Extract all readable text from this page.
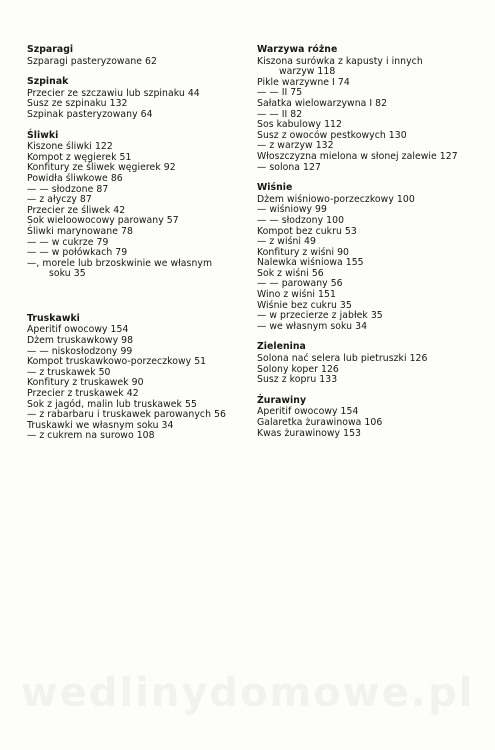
Szparagi
Szparagi pasteryzowane 62
Szpinak
Przecier ze szczawiu lub szpinaku 44
Susz ze szpinaku 132
Szpinak pasteryzowany 64
Śliwki
Kiszone śliwki 122
Kompot z węgierek 51
Konfitury ze śliwek węgierek 92
Powidła śliwkowe 86
— — słodzone 87
— z ałyczy 87
Przecier ze śliwek 42
Sok wieloowocowy parowany 57
Śliwki marynowane 78
— — w cukrze 79
— — w połówkach 79
—, morele lub brzoskwinie we własnym
soku 35
Truskawki
Aperitif owocowy 154
Dżem truskawkowy 98
— — niskosłodzony 99
Kompot truskawkowo-porzeczkowy 51
— z truskawek 50
Konfitury z truskawek 90
Przecier z truskawek 42
Sok z jagód, malin lub truskawek 55
— z rabarbaru i truskawek parowanych 56
Truskawki we własnym soku 34
— z cukrem na surowo 108
Warzywa różne
Kiszona surówka z kapusty i innych
warzyw 118
Pikle warzywne I 74
— — II 75
Sałatka wielowarzywna I 82
— — II 82
Sos kabulowy 112
Susz z owoców pestkowych 130
— z warzyw 132
Włoszczyzna mielona w słonej zalewie 127
— solona 127
Wiśnie
Dżem wiśniowo-porzeczkowy 100
— wiśniowy 99
— — słodzony 100
Kompot bez cukru 53
— z wiśni 49
Konfitury z wiśni 90
Nalewka wiśniowa 155
Sok z wiśni 56
— — parowany 56
Wino z wiśni 151
Wiśnie bez cukru 35
— w przecierze z jabłek 35
— we własnym soku 34
Zielenina
Solona nać selera lub pietruszki 126
Solony koper 126
Susz z kopru 133
Żurawiny
Aperitif owocowy 154
Galaretka żurawinowa 106
Kwas żurawinowy 153
wedlinydomowe.pl
